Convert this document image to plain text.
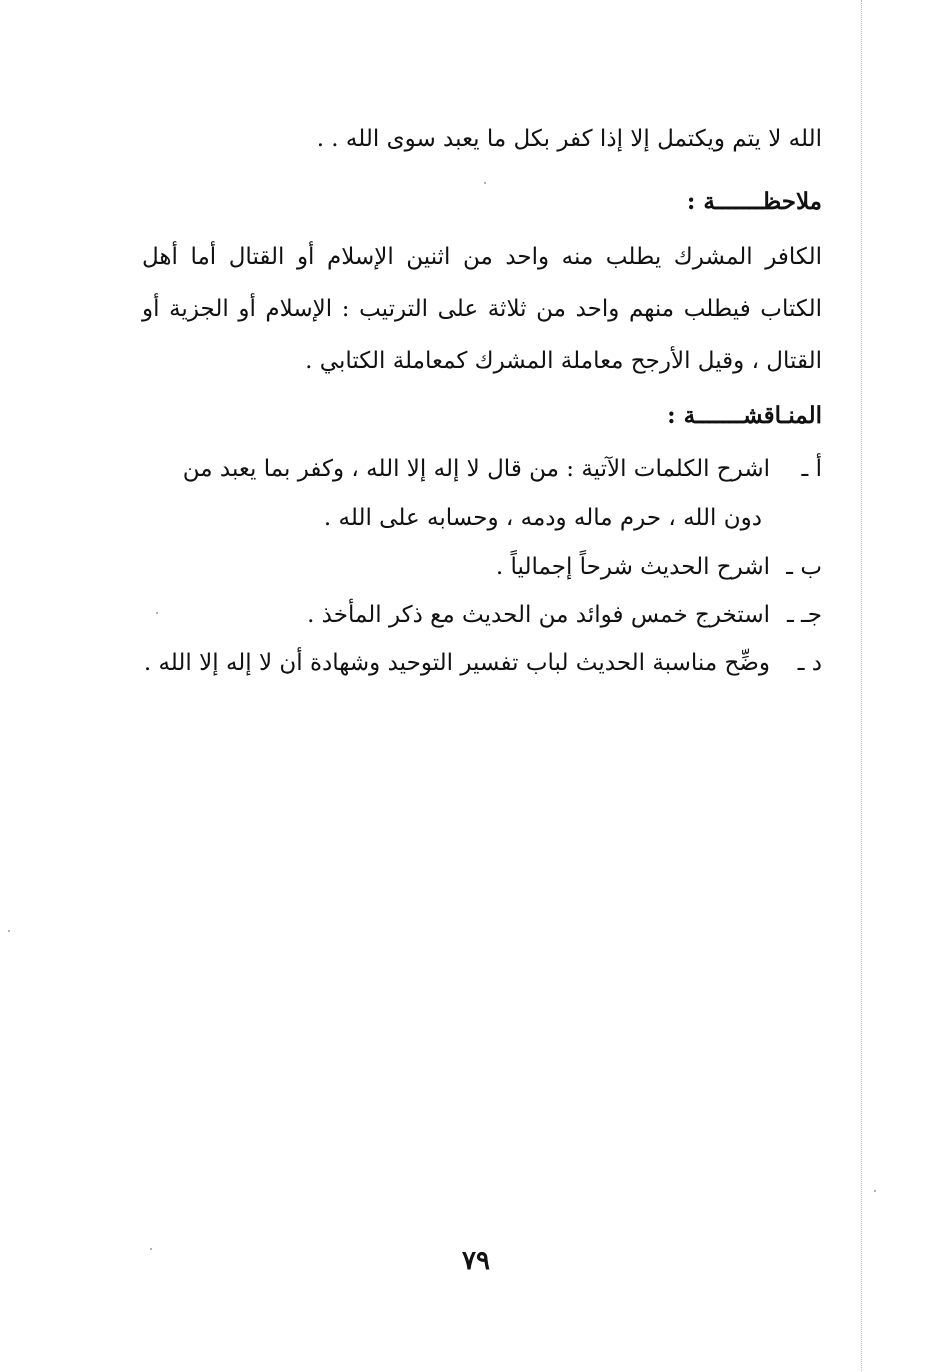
الله لا يتم ويكتمل إلا إذا كفر بكل ما يعبد سوى الله . .
ملاحظـــــــة :
الكافر المشرك يطلب منه واحد من اثنين الإسلام أو القتال أما أهل
الكتاب فيطلب منهم واحد من ثلاثة على الترتيب : الإسلام أو الجزية أو
القتال ، وقيل الأرجح معاملة المشرك كمعاملة الكتابي .
المنـاقشـــــــة :
أ ـاشرح الكلمات الآتية : من قال لا إله إلا الله ، وكفر بما يعبد من
دون الله ، حرم ماله ودمه ، وحسابه على الله .
ب ـاشرح الحديث شرحاً إجمالياً .
جـ ـاستخرج خمس فوائد من الحديث مع ذكر المأخذ .
د ـوضِّح مناسبة الحديث لباب تفسير التوحيد وشهادة أن لا إله إلا الله .
٧٩
